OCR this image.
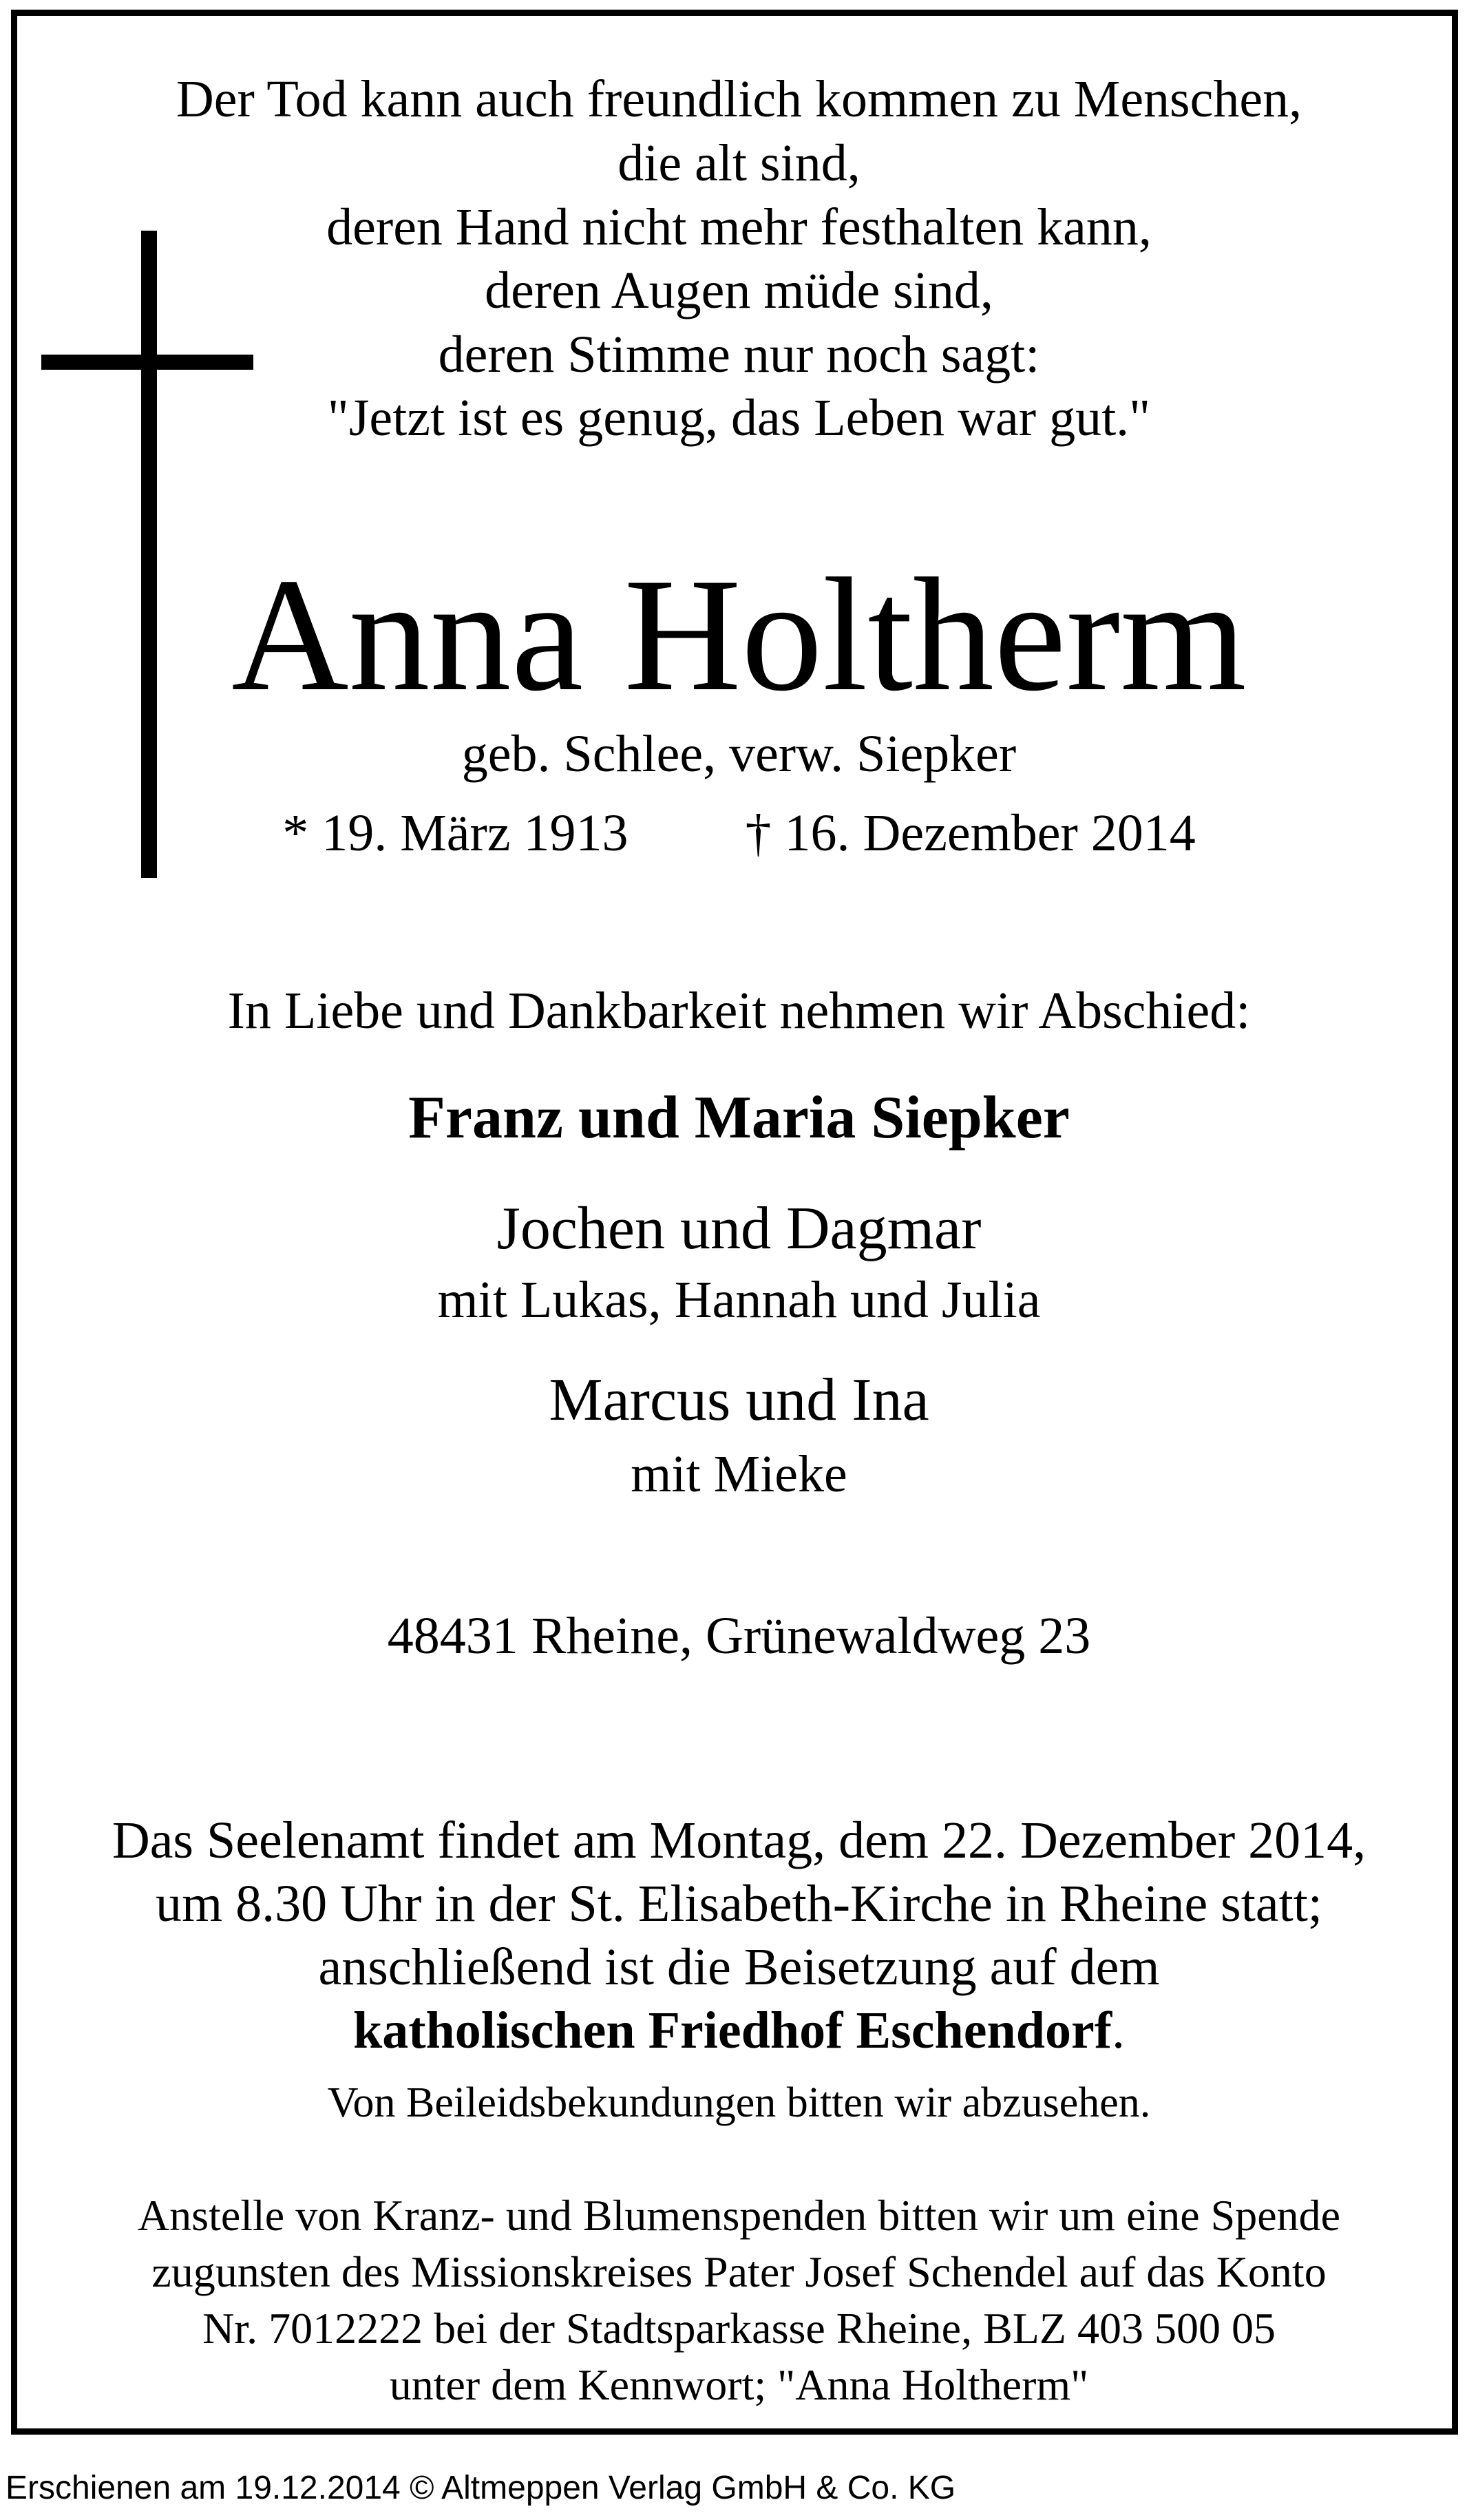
Der Tod kann auch freundlich kommen zu Menschen,
die alt sind,
deren Hand nicht mehr festhalten kann,
deren Augen müde sind,
deren Stimme nur noch sagt:
"Jetzt ist es genug, das Leben war gut."
Anna Holtherm
geb. Schlee, verw. Siepker
* 19. März 1913 † 16. Dezember 2014
In Liebe und Dankbarkeit nehmen wir Abschied:
Franz und Maria Siepker
Jochen und Dagmar
mit Lukas, Hannah und Julia
Marcus und Ina
mit Mieke
48431 Rheine, Grünewaldweg 23
Das Seelenamt findet am Montag, dem 22. Dezember 2014,
um 8.30 Uhr in der St. Elisabeth-Kirche in Rheine statt;
anschließend ist die Beisetzung auf dem
katholischen Friedhof Eschendorf.
Von Beileidsbekundungen bitten wir abzusehen.
Anstelle von Kranz- und Blumenspenden bitten wir um eine Spende
zugunsten des Missionskreises Pater Josef Schendel auf das Konto
Nr. 7012222 bei der Stadtsparkasse Rheine, BLZ 403 500 05
unter dem Kennwort; "Anna Holtherm"
Erschienen am 19.12.2014 © Altmeppen Verlag GmbH & Co. KG
